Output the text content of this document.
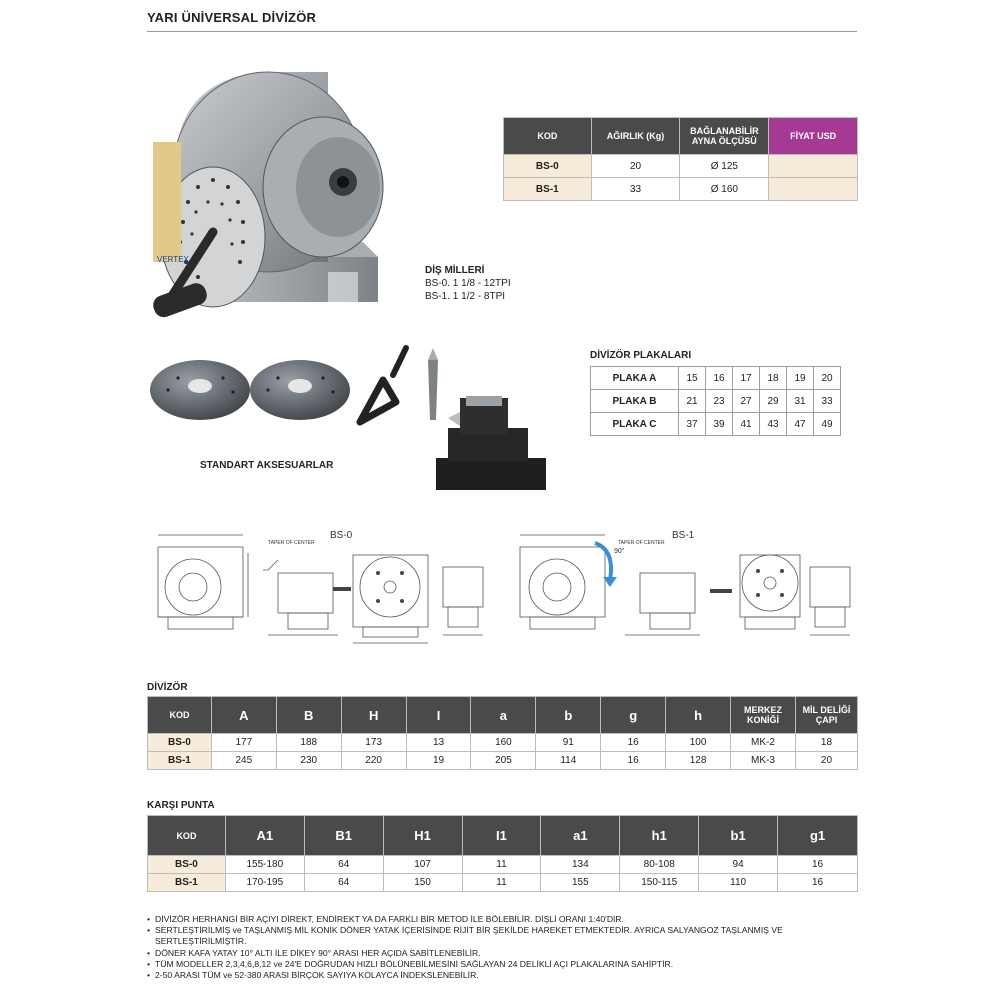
YARI ÜNİVERSAL DİVİZÖR
VERTEX
KOD	AĞIRLIK (Kg)	BAĞLANABİLİR AYNA ÖLÇÜSÜ	FİYAT USD
BS-0	20	Ø 125	
BS-1	33	Ø 160	
DİŞ MİLLERİ
BS-0. 1 1/8 - 12TPI
BS-1. 1 1/2 - 8TPI
STANDART AKSESUARLAR
DİVİZÖR PLAKALARI
PLAKA A	15	16	17	18	19	20
PLAKA B	21	23	27	29	31	33
PLAKA C	37	39	41	43	47	49
BS-0
TAPER OF CENTER
BS-1
TAPER OF CENTER
90°
DİVİZÖR
KOD	A	B	H	I	a	b	g	h	MERKEZ KONİĞİ	MİL DELİĞİ ÇAPI
BS-0	177	188	173	13	160	91	16	100	MK-2	18
BS-1	245	230	220	19	205	114	16	128	MK-3	20
KARŞI PUNTA
KOD	A1	B1	H1	I1	a1	h1	b1	g1
BS-0	155-180	64	107	11	134	80-108	94	16
BS-1	170-195	64	150	11	155	150-115	110	16
• DİVİZÖR HERHANGİ BİR AÇIYI DİREKT, ENDİREKT YA DA FARKLI BİR METOD İLE BÖLEBİLİR. DİŞLİ ORANI 1:40'DIR.
• SERTLEŞTİRİLMİŞ ve TAŞLANMIŞ MİL KONİK DÖNER YATAK İÇERİSİNDE RİJİT BİR ŞEKİLDE HAREKET ETMEKTEDİR. AYRICA SALYANGOZ TAŞLANMIŞ VE SERTLEŞTİRİLMİŞTİR.
• DÖNER KAFA YATAY 10° ALTI İLE DİKEY 90° ARASI HER AÇIDA SABİTLENEBİLİR.
• TÜM MODELLER 2,3,4,6,8,12 ve 24'E DOĞRUDAN HIZLI BÖLÜNEBİLMESİNİ SAĞLAYAN 24 DELİKLİ AÇI PLAKALARINA SAHİPTİR.
• 2-50 ARASI TÜM ve 52-380 ARASI BİRÇOK SAYIYA KOLAYCA İNDEKSLENEBİLİR.
